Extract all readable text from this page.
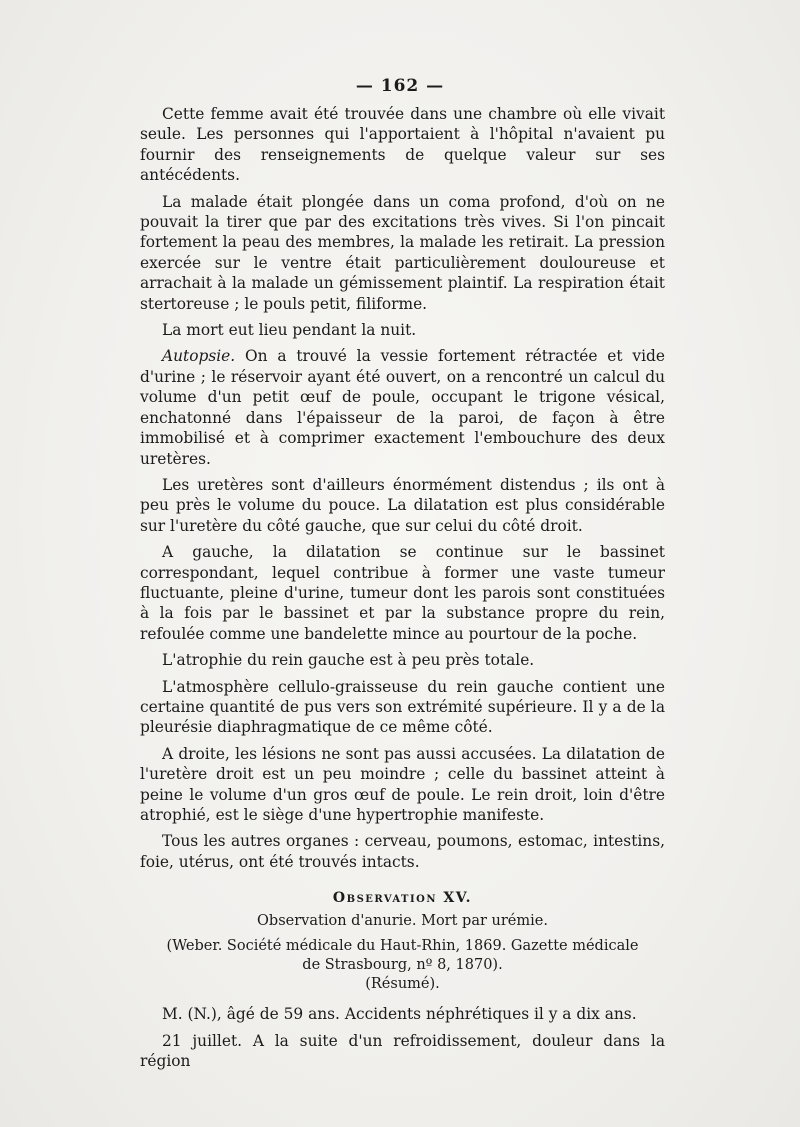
— 162 —

Cette femme avait été trouvée dans une chambre où elle vivait seule. Les personnes qui l'apportaient à l'hôpital n'avaient pu fournir des renseignements de quelque valeur sur ses antécédents.

La malade était plongée dans un coma profond, d'où on ne pouvait la tirer que par des excitations très vives. Si l'on pincait fortement la peau des membres, la malade les retirait. La pression exercée sur le ventre était particulièrement douloureuse et arrachait à la malade un gémissement plaintif. La respiration était stertoreuse ; le pouls petit, filiforme.

La mort eut lieu pendant la nuit.

Autopsie. On a trouvé la vessie fortement rétractée et vide d'urine ; le réservoir ayant été ouvert, on a rencontré un calcul du volume d'un petit œuf de poule, occupant le trigone vésical, enchatonné dans l'épaisseur de la paroi, de façon à être immobilisé et à comprimer exactement l'embouchure des deux uretères.

Les uretères sont d'ailleurs énormément distendus ; ils ont à peu près le volume du pouce. La dilatation est plus considérable sur l'uretère du côté gauche, que sur celui du côté droit.

A gauche, la dilatation se continue sur le bassinet correspondant, lequel contribue à former une vaste tumeur fluctuante, pleine d'urine, tumeur dont les parois sont constituées à la fois par le bassinet et par la substance propre du rein, refoulée comme une bandelette mince au pourtour de la poche.

L'atrophie du rein gauche est à peu près totale.

L'atmosphère cellulo-graisseuse du rein gauche contient une certaine quantité de pus vers son extrémité supérieure. Il y a de la pleurésie diaphragmatique de ce même côté.

A droite, les lésions ne sont pas aussi accusées. La dilatation de l'uretère droit est un peu moindre ; celle du bassinet atteint à peine le volume d'un gros œuf de poule. Le rein droit, loin d'être atrophié, est le siège d'une hypertrophie manifeste.

Tous les autres organes : cerveau, poumons, estomac, intestins, foie, utérus, ont été trouvés intacts.

Observation XV.
Observation d'anurie. Mort par urémie.
(Weber. Société médicale du Haut-Rhin, 1869. Gazette médicale
de Strasbourg, nº 8, 1870).
(Résumé).

M. (N.), âgé de 59 ans. Accidents néphrétiques il y a dix ans.

21 juillet. A la suite d'un refroidissement, douleur dans la région
